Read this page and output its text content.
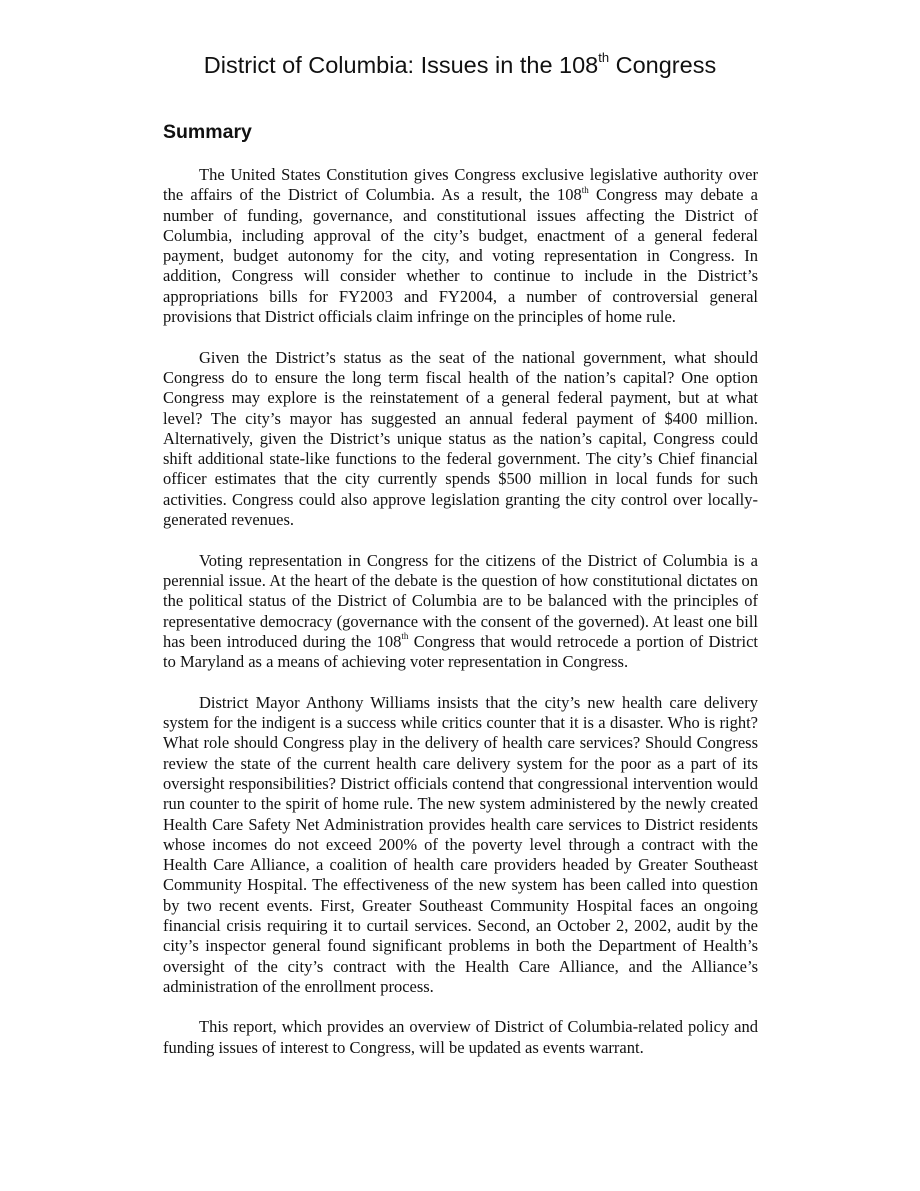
District of Columbia: Issues in the 108th Congress
Summary

The United States Constitution gives Congress exclusive legislative authority over the affairs of the District of Columbia. As a result, the 108th Congress may debate a number of funding, governance, and constitutional issues affecting the District of Columbia, including approval of the city’s budget, enactment of a general federal payment, budget autonomy for the city, and voting representation in Congress. In addition, Congress will consider whether to continue to include in the District’s appropriations bills for FY2003 and FY2004, a number of controversial general provisions that District officials claim infringe on the principles of home rule.

Given the District’s status as the seat of the national government, what should Congress do to ensure the long term fiscal health of the nation’s capital? One option Congress may explore is the reinstatement of a general federal payment, but at what level? The city’s mayor has suggested an annual federal payment of $400 million. Alternatively, given the District’s unique status as the nation’s capital, Congress could shift additional state-like functions to the federal government. The city’s Chief financial officer estimates that the city currently spends $500 million in local funds for such activities. Congress could also approve legislation granting the city control over locally-generated revenues.

Voting representation in Congress for the citizens of the District of Columbia is a perennial issue. At the heart of the debate is the question of how constitutional dictates on the political status of the District of Columbia are to be balanced with the principles of representative democracy (governance with the consent of the governed). At least one bill has been introduced during the 108th Congress that would retrocede a portion of District to Maryland as a means of achieving voter representation in Congress.

District Mayor Anthony Williams insists that the city’s new health care delivery system for the indigent is a success while critics counter that it is a disaster. Who is right? What role should Congress play in the delivery of health care services? Should Congress review the state of the current health care delivery system for the poor as a part of its oversight responsibilities? District officials contend that congressional intervention would run counter to the spirit of home rule. The new system administered by the newly created Health Care Safety Net Administration provides health care services to District residents whose incomes do not exceed 200% of the poverty level through a contract with the Health Care Alliance, a coalition of health care providers headed by Greater Southeast Community Hospital. The effectiveness of the new system has been called into question by two recent events. First, Greater Southeast Community Hospital faces an ongoing financial crisis requiring it to curtail services. Second, an October 2, 2002, audit by the city’s inspector general found significant problems in both the Department of Health’s oversight of the city’s contract with the Health Care Alliance, and the Alliance’s administration of the enrollment process.

This report, which provides an overview of District of Columbia-related policy and funding issues of interest to Congress, will be updated as events warrant.
